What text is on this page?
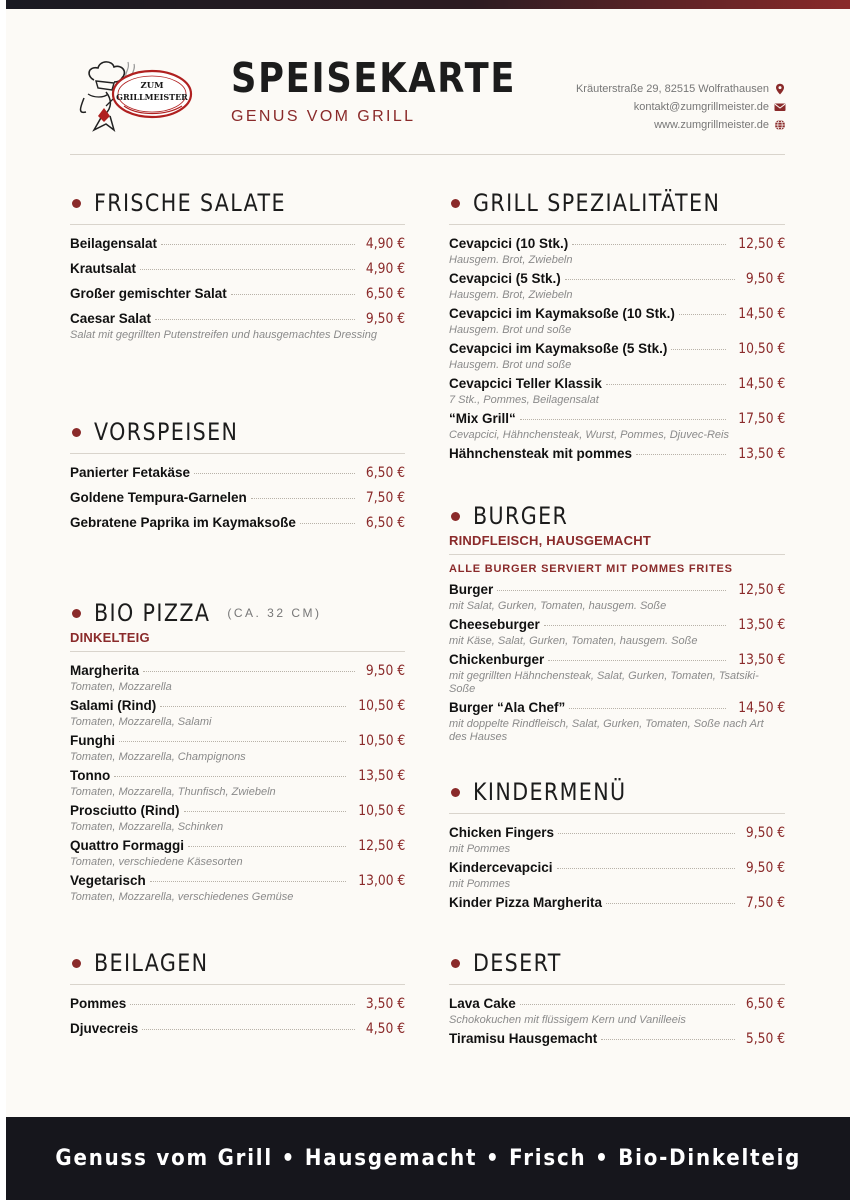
ZUM
GRILLMEISTER SPEISEKARTE
GENUS VOM GRILL
Kräuterstraße 29, 82515 Wolfrathausen
kontakt@zumgrillmeister.de
www.zumgrillmeister.de
FRISCHE SALATE
Beilagensalat	4,90 €
Krautsalat	4,90 €
Großer gemischter Salat	6,50 €
Caesar Salat	9,50 €
Salat mit gegrillten Putenstreifen und hausgemachtes Dressing
VORSPEISEN
Panierter Fetakäse	6,50 €
Goldene Tempura-Garnelen	7,50 €
Gebratene Paprika im Kaymaksoße	6,50 €
BIO PIZZA (CA. 32 CM)
DINKELTEIG
Margherita	9,50 €
Tomaten, Mozzarella
Salami (Rind)	10,50 €
Tomaten, Mozzarella, Salami
Funghi	10,50 €
Tomaten, Mozzarella, Champignons
Tonno	13,50 €
Tomaten, Mozzarella, Thunfisch, Zwiebeln
Prosciutto (Rind)	10,50 €
Tomaten, Mozzarella, Schinken
Quattro Formaggi	12,50 €
Tomaten, verschiedene Käsesorten
Vegetarisch	13,00 €
Tomaten, Mozzarella, verschiedenes Gemüse
BEILAGEN
Pommes	3,50 €
Djuvecreis	4,50 €
GRILL SPEZIALITÄTEN
Cevapcici (10 Stk.)	12,50 €
Hausgem. Brot, Zwiebeln
Cevapcici (5 Stk.)	9,50 €
Hausgem. Brot, Zwiebeln
Cevapcici im Kaymaksoße (10 Stk.)	14,50 €
Hausgem. Brot und soße
Cevapcici im Kaymaksoße (5 Stk.)	10,50 €
Hausgem. Brot und soße
Cevapcici Teller Klassik	14,50 €
7 Stk., Pommes, Beilagensalat
“Mix Grill“	17,50 €
Cevapcici, Hähnchensteak, Wurst, Pommes, Djuvec-Reis
Hähnchensteak mit pommes	13,50 €
BURGER
RINDFLEISCH, HAUSGEMACHT
ALLE BURGER SERVIERT MIT POMMES FRITES
Burger	12,50 €
mit Salat, Gurken, Tomaten, hausgem. Soße
Cheeseburger	13,50 €
mit Käse, Salat, Gurken, Tomaten, hausgem. Soße
Chickenburger	13,50 €
mit gegrillten Hähnchensteak, Salat, Gurken, Tomaten, Tsatsiki-Soße
Burger “Ala Chef”	14,50 €
mit doppelte Rindfleisch, Salat, Gurken, Tomaten, Soße nach Art des Hauses
KINDERMENÜ
Chicken Fingers	9,50 €
mit Pommes
Kindercevapcici	9,50 €
mit Pommes
Kinder Pizza Margherita	7,50 €
DESERT
Lava Cake	6,50 €
Schokokuchen mit flüssigem Kern und Vanilleeis
Tiramisu Hausgemacht	5,50 €
Genuss vom Grill • Hausgemacht • Frisch • Bio-Dinkelteig
